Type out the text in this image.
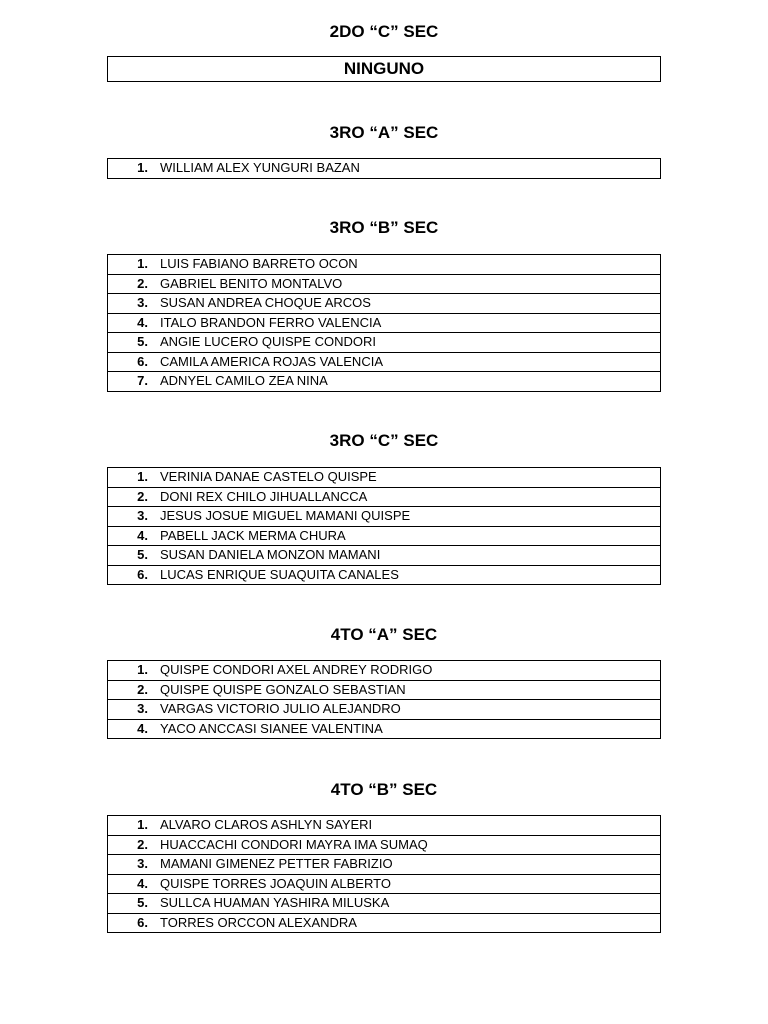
2DO “C” SEC
NINGUNO
3RO “A” SEC
1. WILLIAM ALEX YUNGURI BAZAN
3RO “B” SEC
1. LUIS FABIANO BARRETO OCON
2. GABRIEL BENITO MONTALVO
3. SUSAN ANDREA CHOQUE ARCOS
4. ITALO BRANDON FERRO VALENCIA
5. ANGIE LUCERO QUISPE CONDORI
6. CAMILA AMERICA ROJAS VALENCIA
7. ADNYEL CAMILO ZEA NINA
3RO “C” SEC
1. VERINIA DANAE CASTELO QUISPE
2. DONI REX CHILO JIHUALLANCCA
3. JESUS JOSUE MIGUEL MAMANI QUISPE
4. PABELL JACK MERMA CHURA
5. SUSAN DANIELA MONZON MAMANI
6. LUCAS ENRIQUE SUAQUITA CANALES
4TO “A” SEC
1. QUISPE CONDORI AXEL ANDREY RODRIGO
2. QUISPE QUISPE GONZALO SEBASTIAN
3. VARGAS VICTORIO JULIO ALEJANDRO
4. YACO ANCCASI SIANEE VALENTINA
4TO “B” SEC
1. ALVARO CLAROS ASHLYN SAYERI
2. HUACCACHI CONDORI MAYRA IMA SUMAQ
3. MAMANI GIMENEZ PETTER FABRIZIO
4. QUISPE TORRES JOAQUIN ALBERTO
5. SULLCA HUAMAN YASHIRA MILUSKA
6. TORRES ORCCON ALEXANDRA
